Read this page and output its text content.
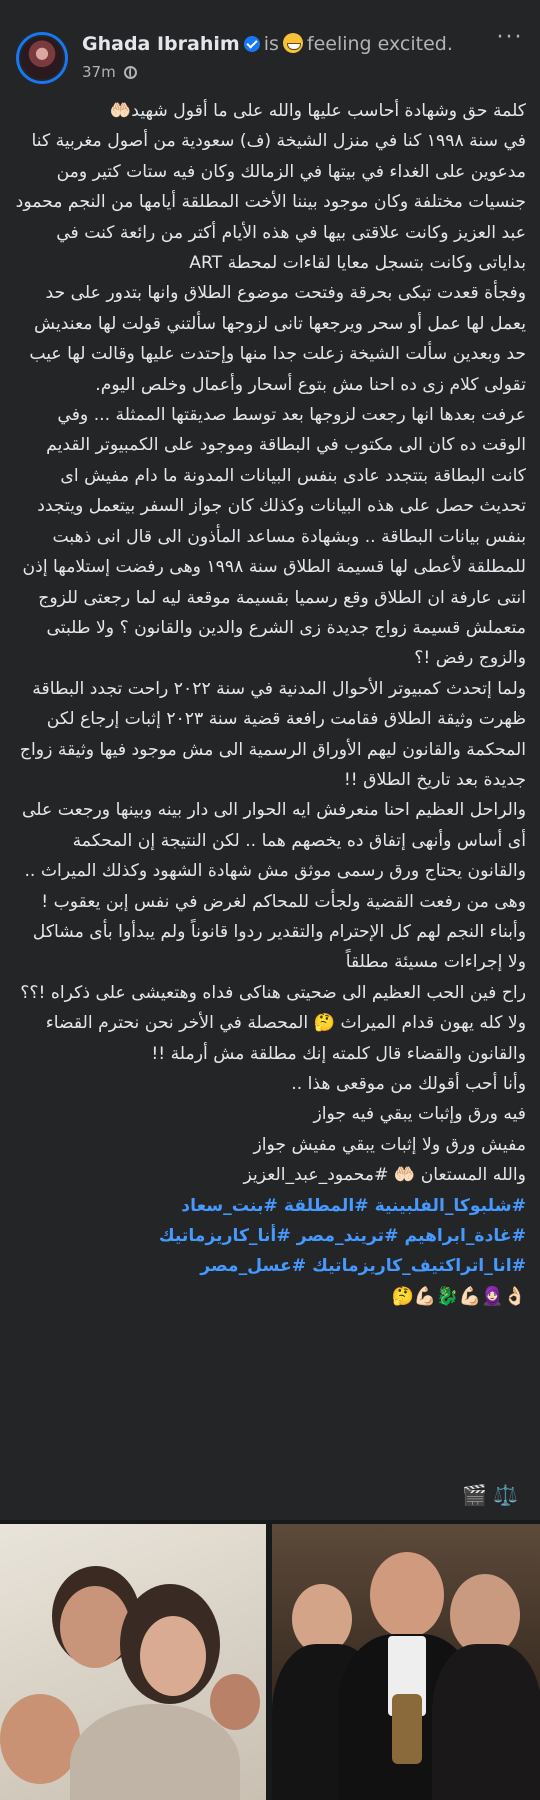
Ghada Ibrahim is feeling excited.
37m
···

كلمة حق وشهادة أحاسب عليها والله على ما أقول شهيد🤲🏻

في سنة ١٩٩٨ كنا في منزل الشيخة (ف) سعودية من أصول مغربية كنا مدعوين على الغداء في بيتها في الزمالك وكان فيه ستات كتير ومن جنسيات مختلفة وكان موجود بيننا الأخت المطلقة أيامها من النجم محمود عبد العزيز وكانت علاقتى بيها في هذه الأيام أكتر من رائعة كنت في بداياتى وكانت بتسجل معايا لقاءات لمحطة ART

وفجأة قعدت تبكى بحرقة وفتحت موضوع الطلاق وانها بتدور على حد يعمل لها عمل أو سحر ويرجعها تانى لزوجها سألتني قولت لها معنديش حد وبعدين سألت الشيخة زعلت جدا منها وإحتدت عليها وقالت لها عيب تقولى كلام زى ده احنا مش بتوع أسحار وأعمال وخلص اليوم.

عرفت بعدها انها رجعت لزوجها بعد توسط صديقتها الممثلة ... وفي الوقت ده كان الى مكتوب في البطاقة وموجود على الكمبيوتر القديم كانت البطاقة بتتجدد عادى بنفس البيانات المدونة ما دام مفيش اى تحديث حصل على هذه البيانات وكذلك كان جواز السفر بيتعمل ويتجدد بنفس بيانات البطاقة .. وبشهادة مساعد المأذون الى قال انى ذهبت للمطلقة لأعطى لها قسيمة الطلاق سنة ١٩٩٨ وهى رفضت إستلامها إذن انتى عارفة ان الطلاق وقع رسميا بقسيمة موقعة ليه لما رجعتى للزوج متعملش قسيمة زواج جديدة زى الشرع والدين والقانون ؟ ولا طلبتى والزوج رفض !؟

ولما إتحدث كمبيوتر الأحوال المدنية في سنة ٢٠٢٢ راحت تجدد البطاقة ظهرت وثيقة الطلاق فقامت رافعة قضية سنة ٢٠٢٣ إثبات إرجاع لكن المحكمة والقانون ليهم الأوراق الرسمية الى مش موجود فيها وثيقة زواج جديدة بعد تاريخ الطلاق !!

والراحل العظيم احنا منعرفش ايه الحوار الى دار بينه وبينها ورجعت على أى أساس وأنهى إتفاق ده يخصهم هما .. لكن النتيجة إن المحكمة والقانون يحتاج ورق رسمى موثق مش شهادة الشهود وكذلك الميراث ..

وهى من رفعت القضية ولجأت للمحاكم لغرض في نفس إبن يعقوب ! وأبناء النجم لهم كل الإحترام والتقدير ردوا قانوناً ولم يبدأوا بأى مشاكل ولا إجراءات مسيئة مطلقاً

راح فين الحب العظيم الى ضحيتى هناكى فداه وهتعيشى على ذكراه !؟؟

ولا كله يهون قدام الميراث 🤔 المحصلة في الأخر نحن نحترم القضاء والقانون والقضاء قال كلمته إنك مطلقة مش أرملة !!

وأنا أحب أقولك من موقعى هذا ..

فيه ورق وإثبات يبقي فيه جواز

مفيش ورق ولا إثبات يبقي مفيش جواز

والله المستعان 🤲🏻 #محمود_عبد_العزيز

#شلبوكا_الفلبينية #المطلقة #بنت_سعاد

#غادة_ابراهيم #تريند_مصر #أنا_كاريزماتيك

#انا_اتراكتيف_كاريزماتيك #عسل_مصر

👌🏻🧕🏻💪🏻🐉💪🏻🤔

🎬 ⚖️
